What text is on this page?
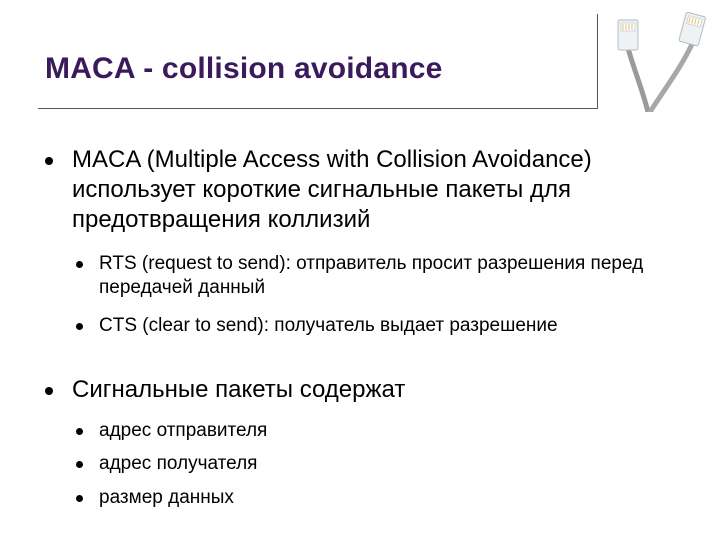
MACA - collision avoidance
MACA (Multiple Access with Collision Avoidance) использует короткие сигнальные пакеты для предотвращения коллизий
RTS (request to send): отправитель просит разрешения перед передачей данный
CTS (clear to send): получатель выдает разрешение
Сигнальные пакеты содержат
адрес отправителя
адрес получателя
размер данных
